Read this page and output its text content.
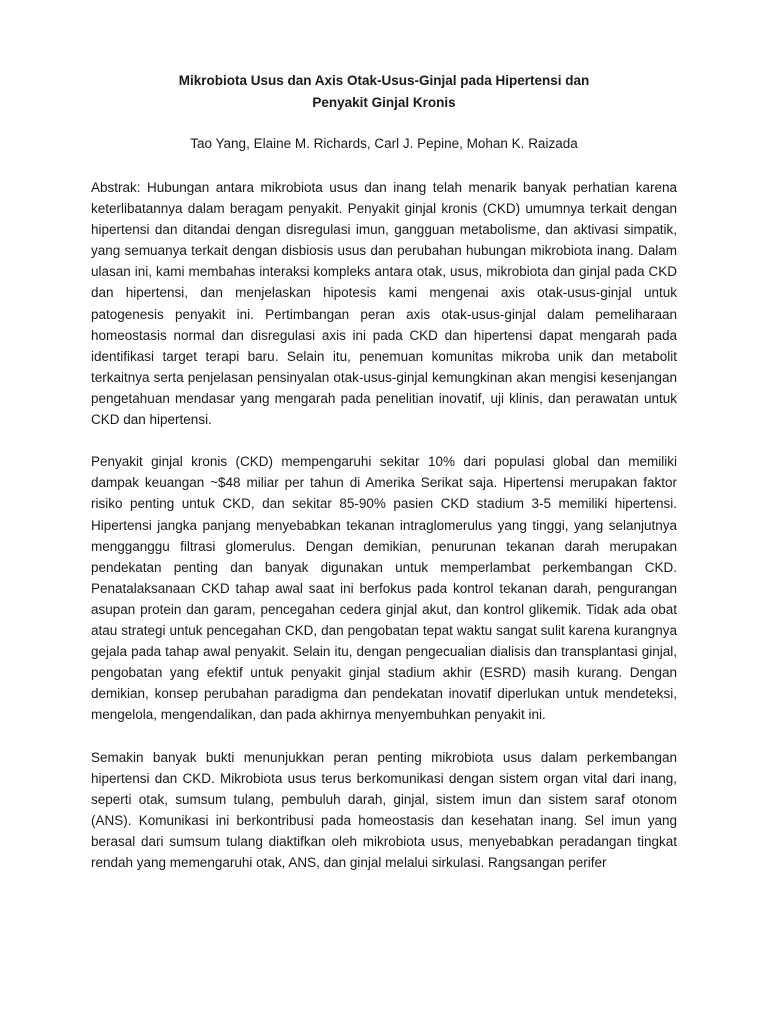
Mikrobiota Usus dan Axis Otak-Usus-Ginjal pada Hipertensi dan
Penyakit Ginjal Kronis
Tao Yang, Elaine M. Richards, Carl J. Pepine, Mohan K. Raizada

Abstrak: Hubungan antara mikrobiota usus dan inang telah menarik banyak perhatian karena keterlibatannya dalam beragam penyakit. Penyakit ginjal kronis (CKD) umumnya terkait dengan hipertensi dan ditandai dengan disregulasi imun, gangguan metabolisme, dan aktivasi simpatik, yang semuanya terkait dengan disbiosis usus dan perubahan hubungan mikrobiota inang. Dalam ulasan ini, kami membahas interaksi kompleks antara otak, usus, mikrobiota dan ginjal pada CKD dan hipertensi, dan menjelaskan hipotesis kami mengenai axis otak-usus-ginjal untuk patogenesis penyakit ini. Pertimbangan peran axis otak-usus-ginjal dalam pemeliharaan homeostasis normal dan disregulasi axis ini pada CKD dan hipertensi dapat mengarah pada identifikasi target terapi baru. Selain itu, penemuan komunitas mikroba unik dan metabolit terkaitnya serta penjelasan pensinyalan otak-usus-ginjal kemungkinan akan mengisi kesenjangan pengetahuan mendasar yang mengarah pada penelitian inovatif, uji klinis, dan perawatan untuk CKD dan hipertensi.

Penyakit ginjal kronis (CKD) mempengaruhi sekitar 10% dari populasi global dan memiliki dampak keuangan ~$48 miliar per tahun di Amerika Serikat saja. Hipertensi merupakan faktor risiko penting untuk CKD, dan sekitar 85-90% pasien CKD stadium 3-5 memiliki hipertensi. Hipertensi jangka panjang menyebabkan tekanan intraglomerulus yang tinggi, yang selanjutnya mengganggu filtrasi glomerulus. Dengan demikian, penurunan tekanan darah merupakan pendekatan penting dan banyak digunakan untuk memperlambat perkembangan CKD. Penatalaksanaan CKD tahap awal saat ini berfokus pada kontrol tekanan darah, pengurangan asupan protein dan garam, pencegahan cedera ginjal akut, dan kontrol glikemik. Tidak ada obat atau strategi untuk pencegahan CKD, dan pengobatan tepat waktu sangat sulit karena kurangnya gejala pada tahap awal penyakit. Selain itu, dengan pengecualian dialisis dan transplantasi ginjal, pengobatan yang efektif untuk penyakit ginjal stadium akhir (ESRD) masih kurang. Dengan demikian, konsep perubahan paradigma dan pendekatan inovatif diperlukan untuk mendeteksi, mengelola, mengendalikan, dan pada akhirnya menyembuhkan penyakit ini.

Semakin banyak bukti menunjukkan peran penting mikrobiota usus dalam perkembangan hipertensi dan CKD. Mikrobiota usus terus berkomunikasi dengan sistem organ vital dari inang, seperti otak, sumsum tulang, pembuluh darah, ginjal, sistem imun dan sistem saraf otonom (ANS). Komunikasi ini berkontribusi pada homeostasis dan kesehatan inang. Sel imun yang berasal dari sumsum tulang diaktifkan oleh mikrobiota usus, menyebabkan peradangan tingkat rendah yang memengaruhi otak, ANS, dan ginjal melalui sirkulasi. Rangsangan perifer
